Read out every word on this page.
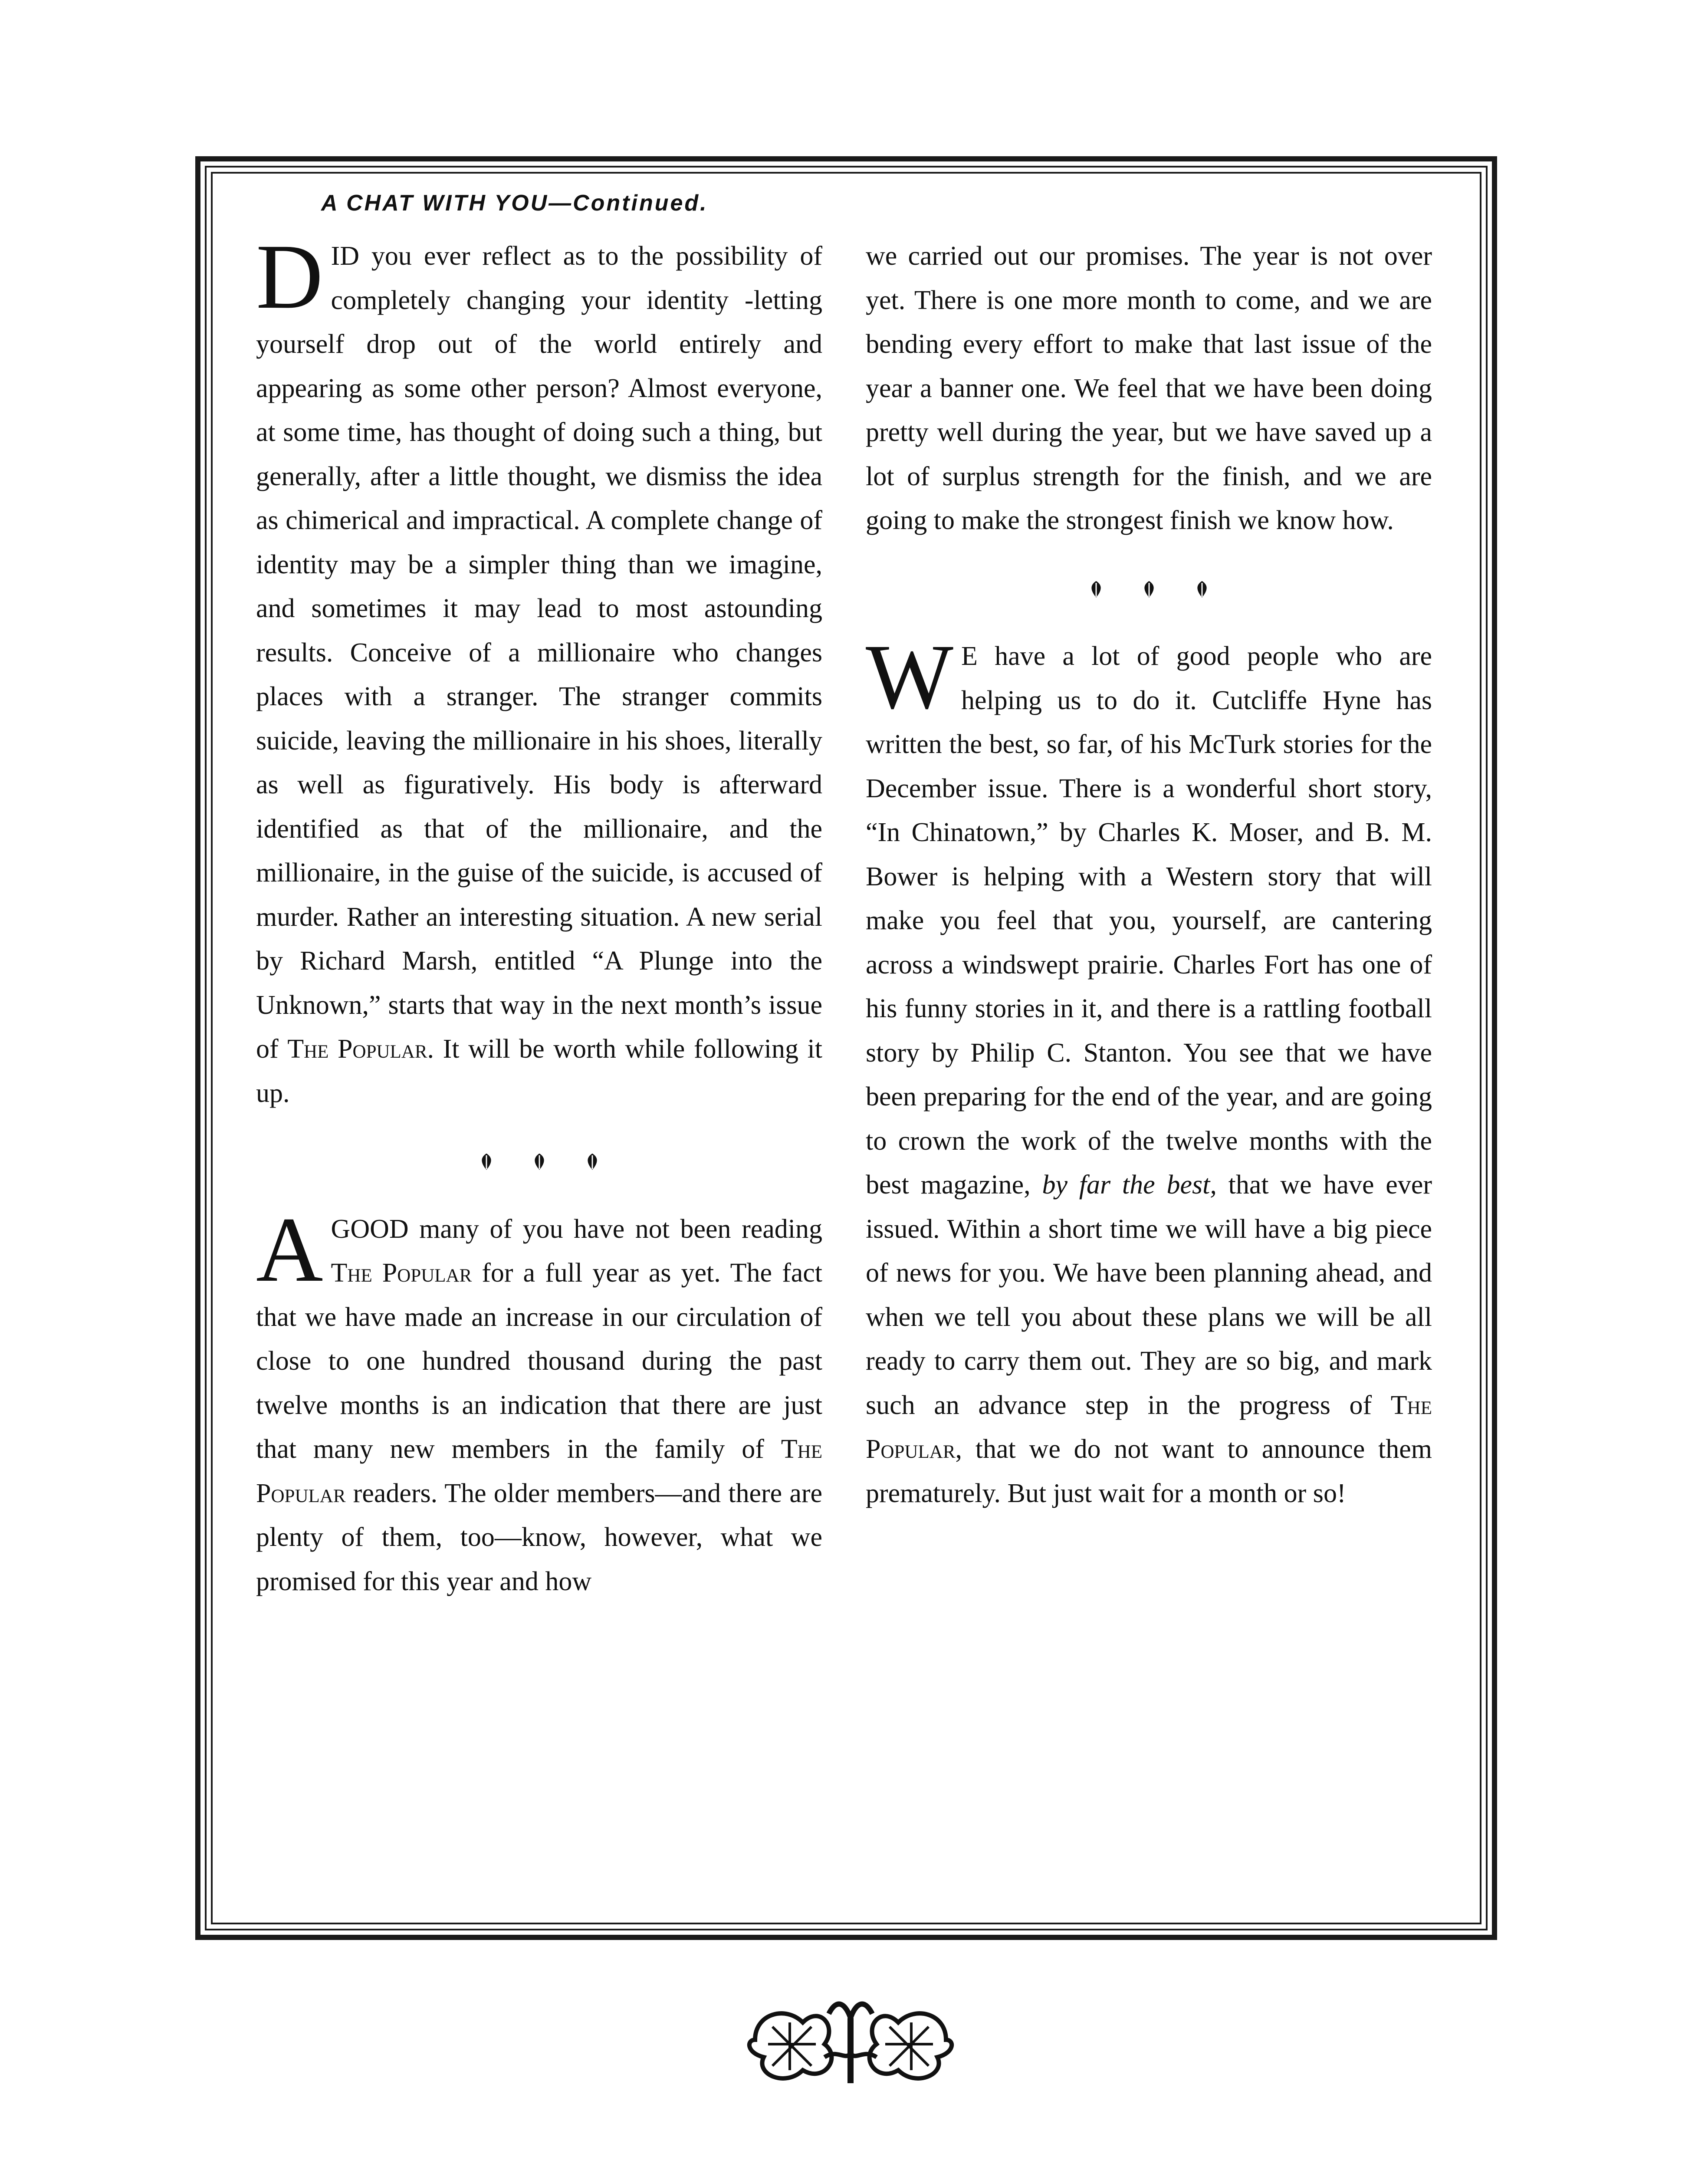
A CHAT WITH YOU—Continued.

DID you ever reflect as to the possibility of completely changing your identity -letting yourself drop out of the world entirely and appearing as some other person? Almost everyone, at some time, has thought of doing such a thing, but generally, after a little thought, we dismiss the idea as chimerical and impractical. A complete change of identity may be a simpler thing than we imagine, and sometimes it may lead to most astounding results. Conceive of a millionaire who changes places with a stranger. The stranger commits suicide, leaving the millionaire in his shoes, literally as well as figuratively. His body is afterward identified as that of the millionaire, and the millionaire, in the guise of the suicide, is accused of murder. Rather an interesting situation. A new serial by Richard Marsh, entitled “A Plunge into the Unknown,” starts that way in the next month’s issue of The Popular. It will be worth while following it up.

AGOOD many of you have not been reading The Popular for a full year as yet. The fact that we have made an increase in our circulation of close to one hundred thousand during the past twelve months is an indication that there are just that many new members in the family of The Popular readers. The older members—and there are plenty of them, too—know, however, what we promised for this year and how

we carried out our promises. The year is not over yet. There is one more month to come, and we are bending every effort to make that last issue of the year a banner one. We feel that we have been doing pretty well during the year, but we have saved up a lot of surplus strength for the finish, and we are going to make the strongest finish we know how.

W E have a lot of good people who are helping us to do it. Cutcliffe Hyne has written the best, so far, of his McTurk stories for the December issue. There is a wonderful short story, “In Chinatown,” by Charles K. Moser, and B. M. Bower is helping with a Western story that will make you feel that you, yourself, are cantering across a windswept prairie. Charles Fort has one of his funny stories in it, and there is a rattling football story by Philip C. Stanton. You see that we have been preparing for the end of the year, and are going to crown the work of the twelve months with the best magazine, by far the best, that we have ever issued. Within a short time we will have a big piece of news for you. We have been planning ahead, and when we tell you about these plans we will be all ready to carry them out. They are so big, and mark such an advance step in the progress of The Popular, that we do not want to announce them prematurely. But just wait for a month or so!
